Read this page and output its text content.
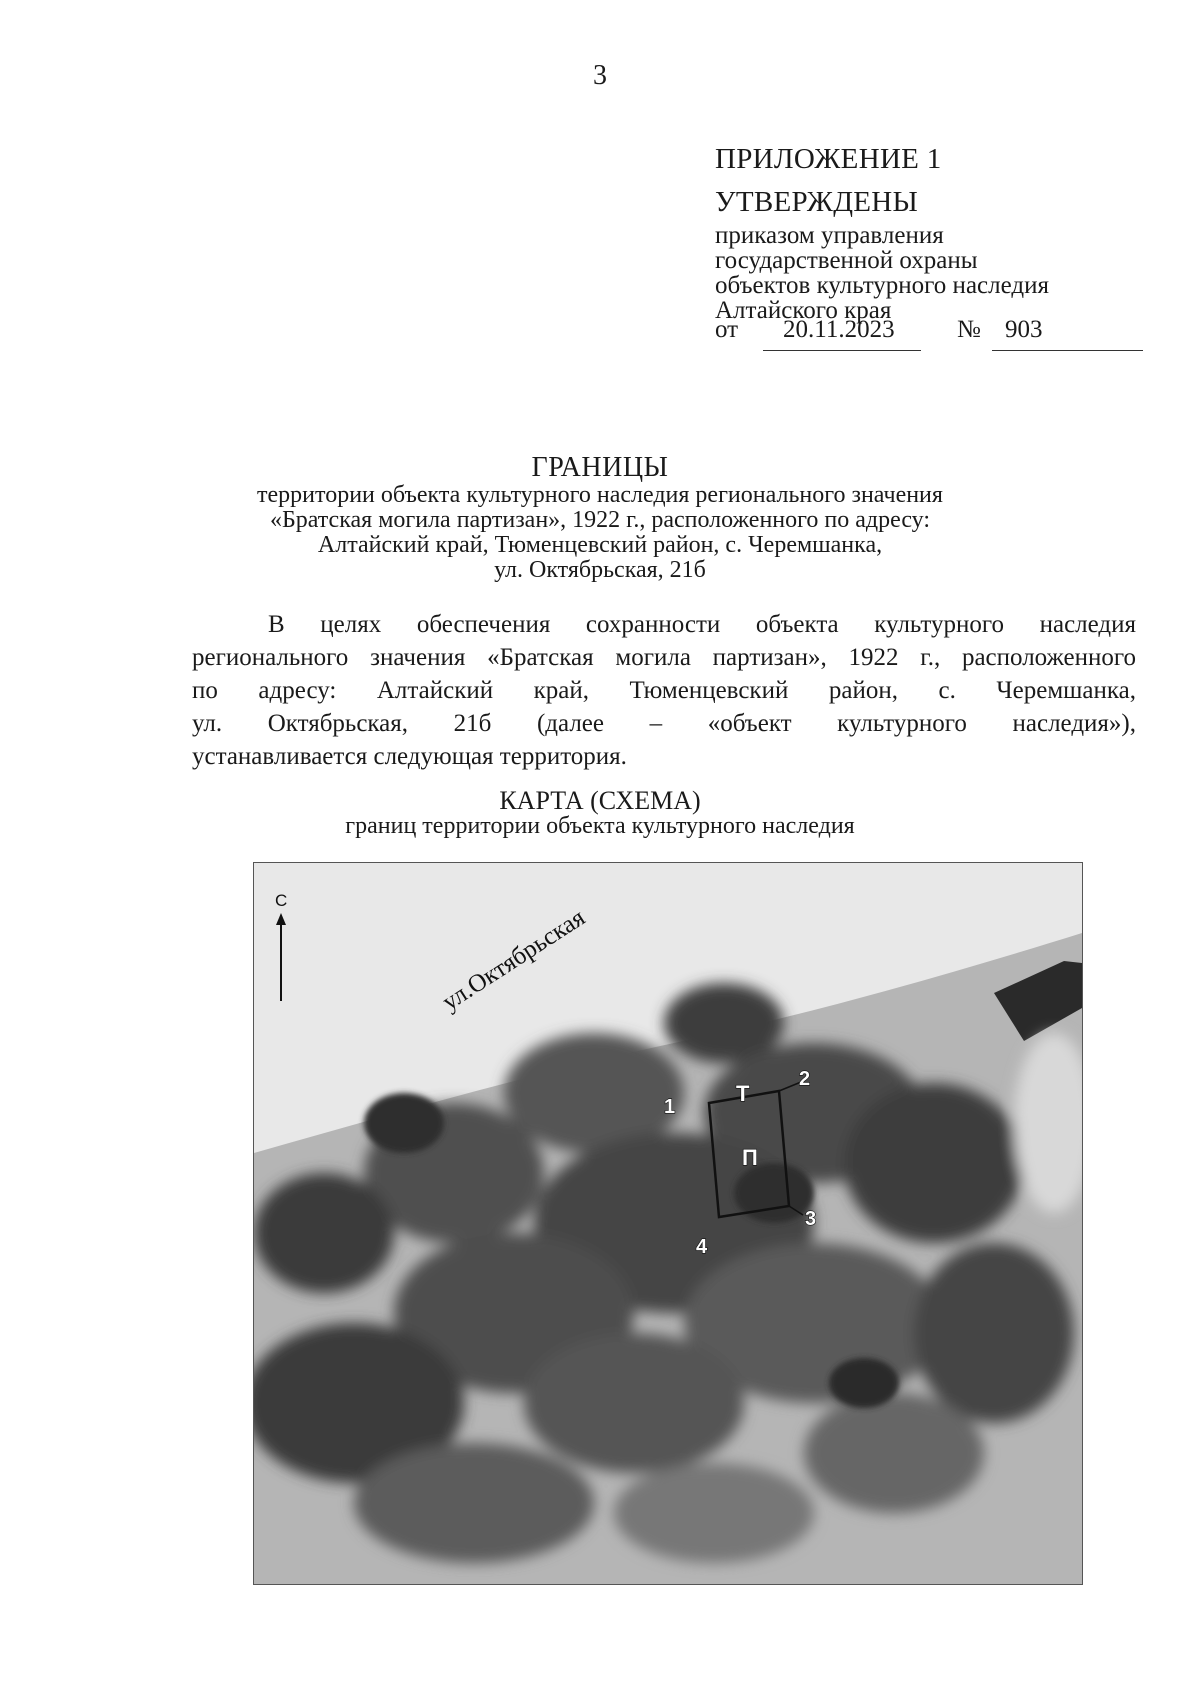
3
ПРИЛОЖЕНИЕ 1
УТВЕРЖДЕНЫ
приказом управления
государственной охраны
объектов культурного наследия
Алтайского края
от 20.11.2023 № 903
ГРАНИЦЫ
территории объекта культурного наследия регионального значения
«Братская могила партизан», 1922 г., расположенного по адресу:
Алтайский край, Тюменцевский район, с. Черемшанка,
ул. Октябрьская, 21б
В целях обеспечения сохранности объекта культурного наследия
регионального значения «Братская могила партизан», 1922 г., расположенного
по адресу: Алтайский край, Тюменцевский район, с. Черемшанка,
ул. Октябрьская, 21б (далее – «объект культурного наследия»),
устанавливается следующая территория.
КАРТА (СХЕМА)
границ территории объекта культурного наследия
С
ул.Октябрьская
Т
П
1
2
3
4
